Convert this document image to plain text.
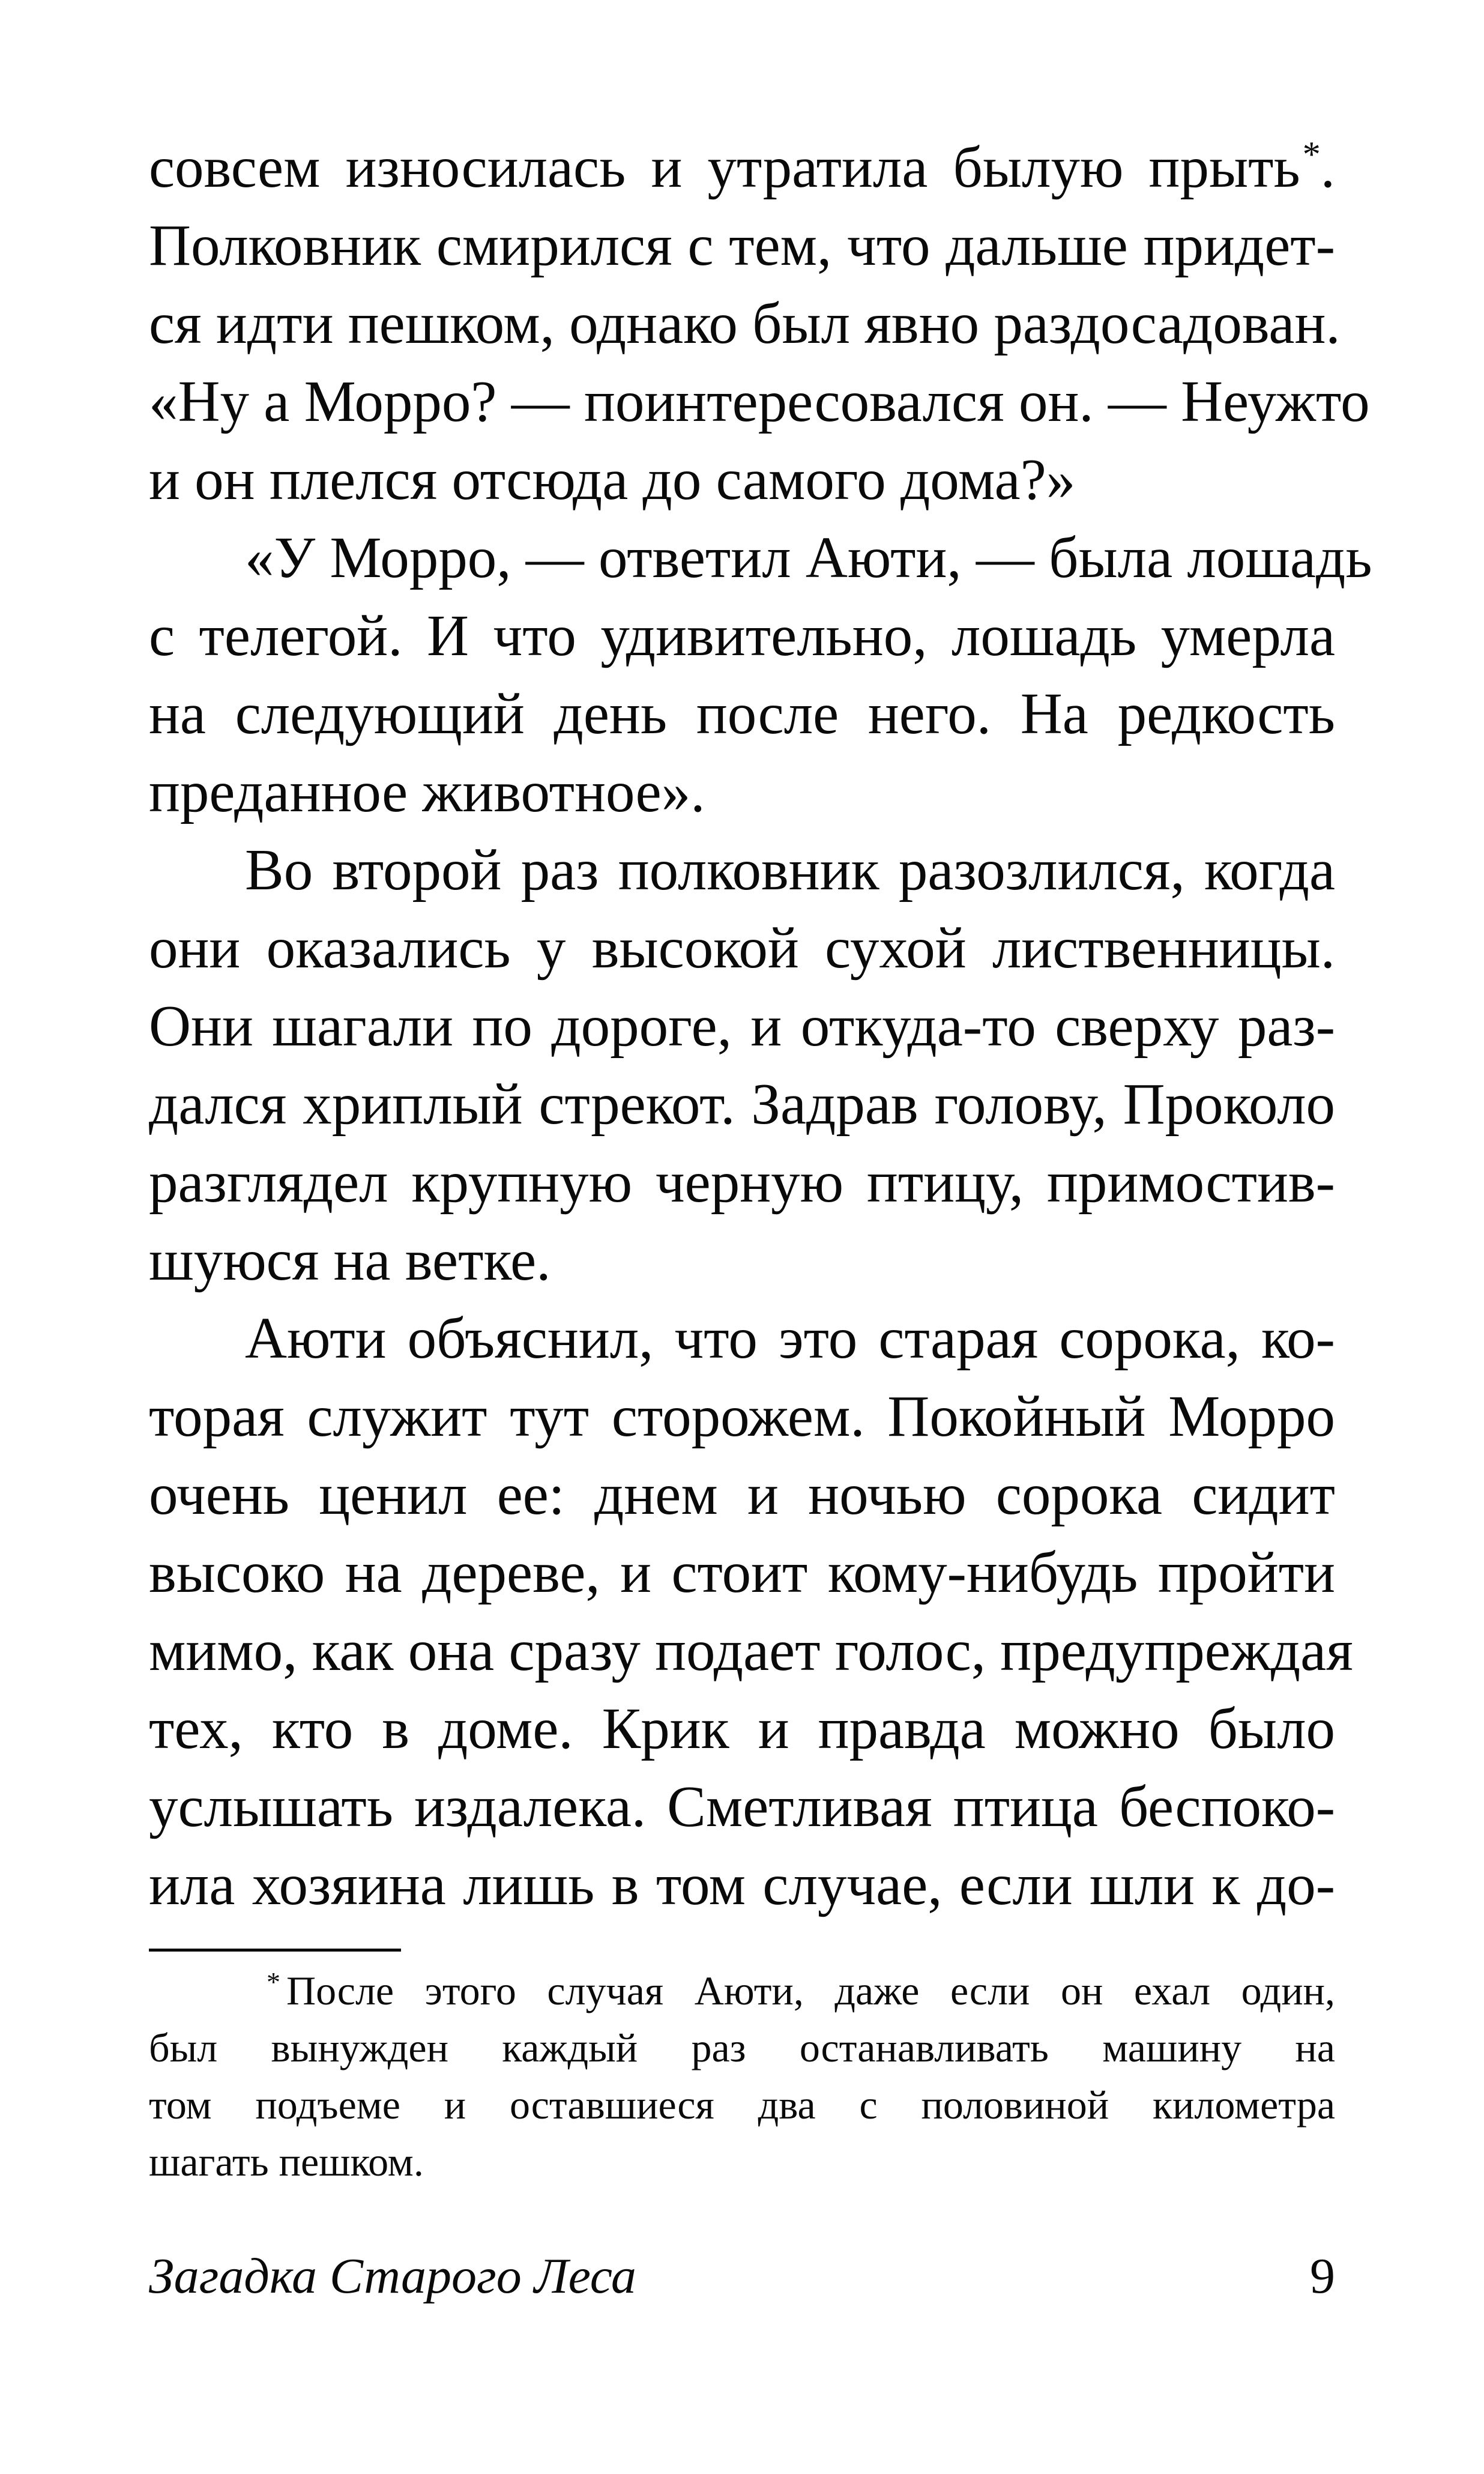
совсем износилась и утратила былую прыть*.
Полковник смирился с тем, что дальше придет-
ся идти пешком, однако был явно раздосадован.
«Ну а Морро? — поинтересовался он. — Неужто
и он плелся отсюда до самого дома?»
«У Морро, — ответил Аюти, — была лошадь
с телегой. И что удивительно, лошадь умерла
на следующий день после него. На редкость
преданное животное».
Во второй раз полковник разозлился, когда
они оказались у высокой сухой лиственницы.
Они шагали по дороге, и откуда-то сверху раз-
дался хриплый стрекот. Задрав голову, Проколо
разглядел крупную черную птицу, примостив-
шуюся на ветке.
Аюти объяснил, что это старая сорока, ко-
торая служит тут сторожем. Покойный Морро
очень ценил ее: днем и ночью сорока сидит
высоко на дереве, и стоит кому-нибудь пройти
мимо, как она сразу подает голос, предупреждая
тех, кто в доме. Крик и правда можно было
услышать издалека. Сметливая птица беспоко-
ила хозяина лишь в том случае, если шли к до-
* После этого случая Аюти, даже если он ехал один,
был вынужден каждый раз останавливать машину на
том подъеме и оставшиеся два с половиной километра
шагать пешком.
Загадка Старого Леса	9
